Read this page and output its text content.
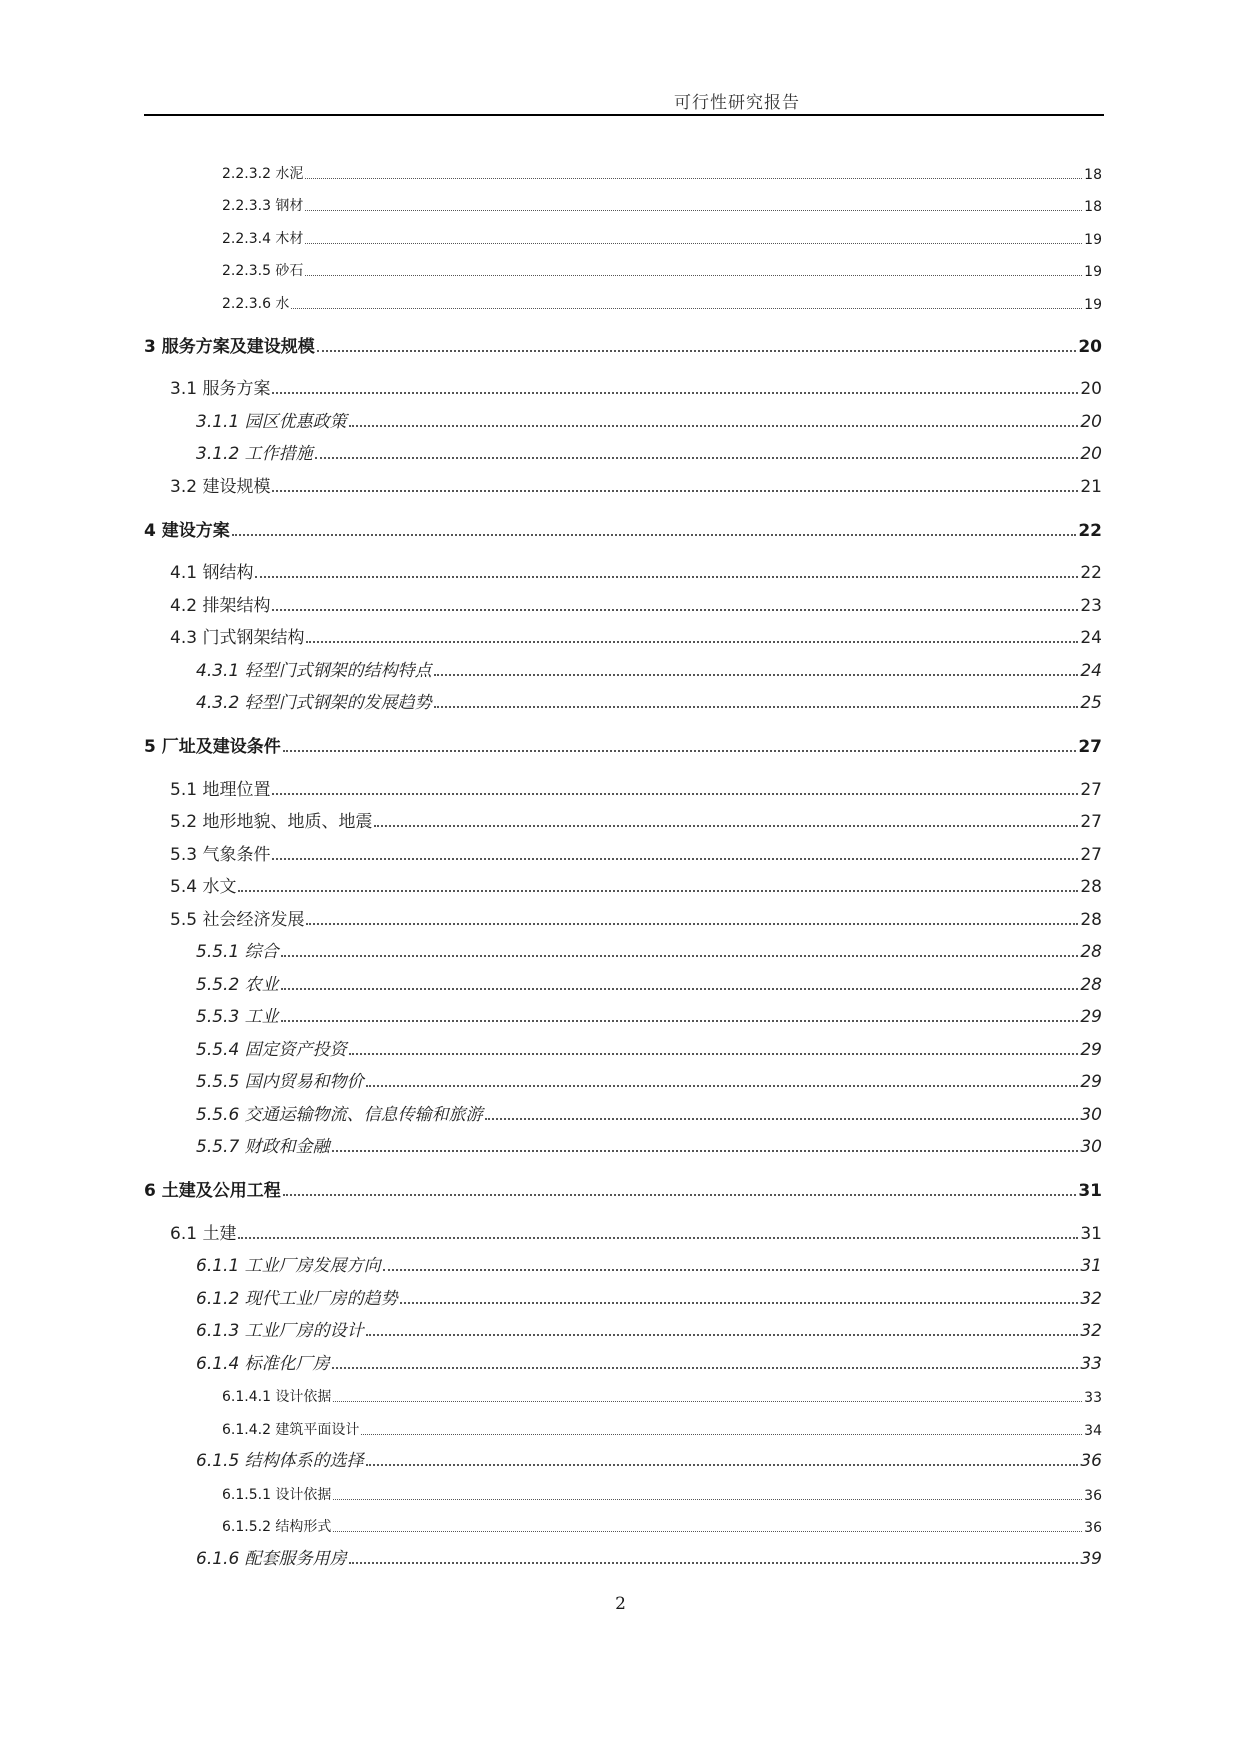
可行性研究报告
2.2.3.2 水泥	18
2.2.3.3 钢材	18
2.2.3.4 木材	19
2.2.3.5 砂石	19
2.2.3.6 水	19
3 服务方案及建设规模	20
3.1 服务方案	20
3.1.1 园区优惠政策	20
3.1.2 工作措施	20
3.2 建设规模	21
4 建设方案	22
4.1 钢结构	22
4.2 排架结构	23
4.3 门式钢架结构	24
4.3.1 轻型门式钢架的结构特点	24
4.3.2 轻型门式钢架的发展趋势	25
5 厂址及建设条件	27
5.1 地理位置	27
5.2 地形地貌、地质、地震	27
5.3 气象条件	27
5.4 水文	28
5.5 社会经济发展	28
5.5.1 综合	28
5.5.2 农业	28
5.5.3 工业	29
5.5.4 固定资产投资	29
5.5.5 国内贸易和物价	29
5.5.6 交通运输物流、信息传输和旅游	30
5.5.7 财政和金融	30
6 土建及公用工程	31
6.1 土建	31
6.1.1 工业厂房发展方向	31
6.1.2 现代工业厂房的趋势	32
6.1.3 工业厂房的设计	32
6.1.4 标准化厂房	33
6.1.4.1 设计依据	33
6.1.4.2 建筑平面设计	34
6.1.5 结构体系的选择	36
6.1.5.1 设计依据	36
6.1.5.2 结构形式	36
6.1.6 配套服务用房	39
2
